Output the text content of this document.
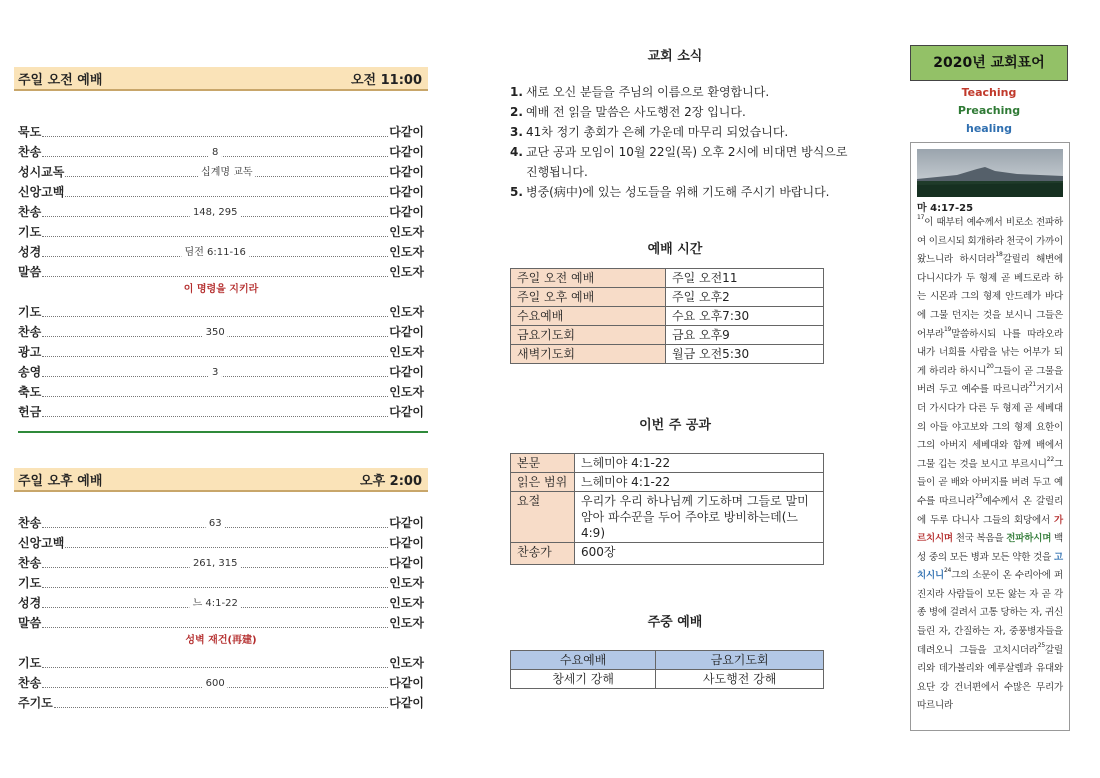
주일 오전 예배	오전 11:00
묵도	다같이
찬송	8	다같이
성시교독	십계명 교독	다같이
신앙고백	다같이
찬송	148, 295	다같이
기도	인도자
성경	딤전 6:11-16	인도자
말씀	인도자
이 명령을 지키라
기도	인도자
찬송	350	다같이
광고	인도자
송영	3	다같이
축도	인도자
헌금	다같이
주일 오후 예배	오후 2:00
찬송	63	다같이
신앙고백	다같이
찬송	261, 315	다같이
기도	인도자
성경	느 4:1-22	인도자
말씀	인도자
성벽 재건(再建)
기도	인도자
찬송	600	다같이
주기도	다같이
교회 소식
1. 새로 오신 분들을 주님의 이름으로 환영합니다.
2. 예배 전 읽을 말씀은 사도행전 2장 입니다.
3. 41차 정기 총회가 은혜 가운데 마무리 되었습니다.
4. 교단 공과 모임이 10월 22일(목) 오후 2시에 비대면 방식으로 진행됩니다.
5. 병중(病中)에 있는 성도들을 위해 기도해 주시기 바랍니다.
예배 시간
주일 오전 예배	주일 오전11
주일 오후 예배	주일 오후2
수요예배	수요 오후7:30
금요기도회	금요 오후9
새벽기도회	월금 오전5:30
이번 주 공과
본문	느헤미야 4:1-22
읽은 범위	느헤미야 4:1-22
요절	우리가 우리 하나님께 기도하며 그들로 말미암아 파수꾼을 두어 주야로 방비하는데(느 4:9)
찬송가	600장
주중 예배
수요예배	금요기도회
창세기 강해	사도행전 강해
2020년 교회표어
Teaching
Preaching
healing
마 4:17-25
$^{17}$이 때부터 예수께서 비로소 전파하여 이르시되 회개하라 천국이 가까이 왔느니라 하시더라$^{18}$갈릴리 해변에 다니시다가 두 형제 곧 베드로라 하는 시몬과 그의 형제 안드레가 바다에 그물 던지는 것을 보시니 그들은 어부라$^{19}$말씀하시되 나를 따라오라 내가 너희를 사람을 낚는 어부가 되게 하리라 하시니$^{20}$그들이 곧 그물을 버려 두고 예수를 따르니라$^{21}$거기서 더 가시다가 다른 두 형제 곧 세베대의 아들 야고보와 그의 형제 요한이 그의 아버지 세베대와 함께 배에서 그물 깁는 것을 보시고 부르시니$^{22}$그들이 곧 배와 아버지를 버려 두고 예수를 따르니라$^{23}$예수께서 온 갈릴리에 두루 다니사 그들의 회당에서 가르치시며 천국 복음을 전파하시며 백성 중의 모든 병과 모든 약한 것을 고치시니$^{24}$그의 소문이 온 수리아에 퍼진지라 사람들이 모든 앓는 자 곧 각종 병에 걸려서 고통 당하는 자, 귀신 들린 자, 간질하는 자, 중풍병자들을 데려오니 그들을 고치시더라$^{25}$갈릴리와 데가볼리와 예루살렘과 유대와 요단 강 건너편에서 수많은 무리가 따르니라
